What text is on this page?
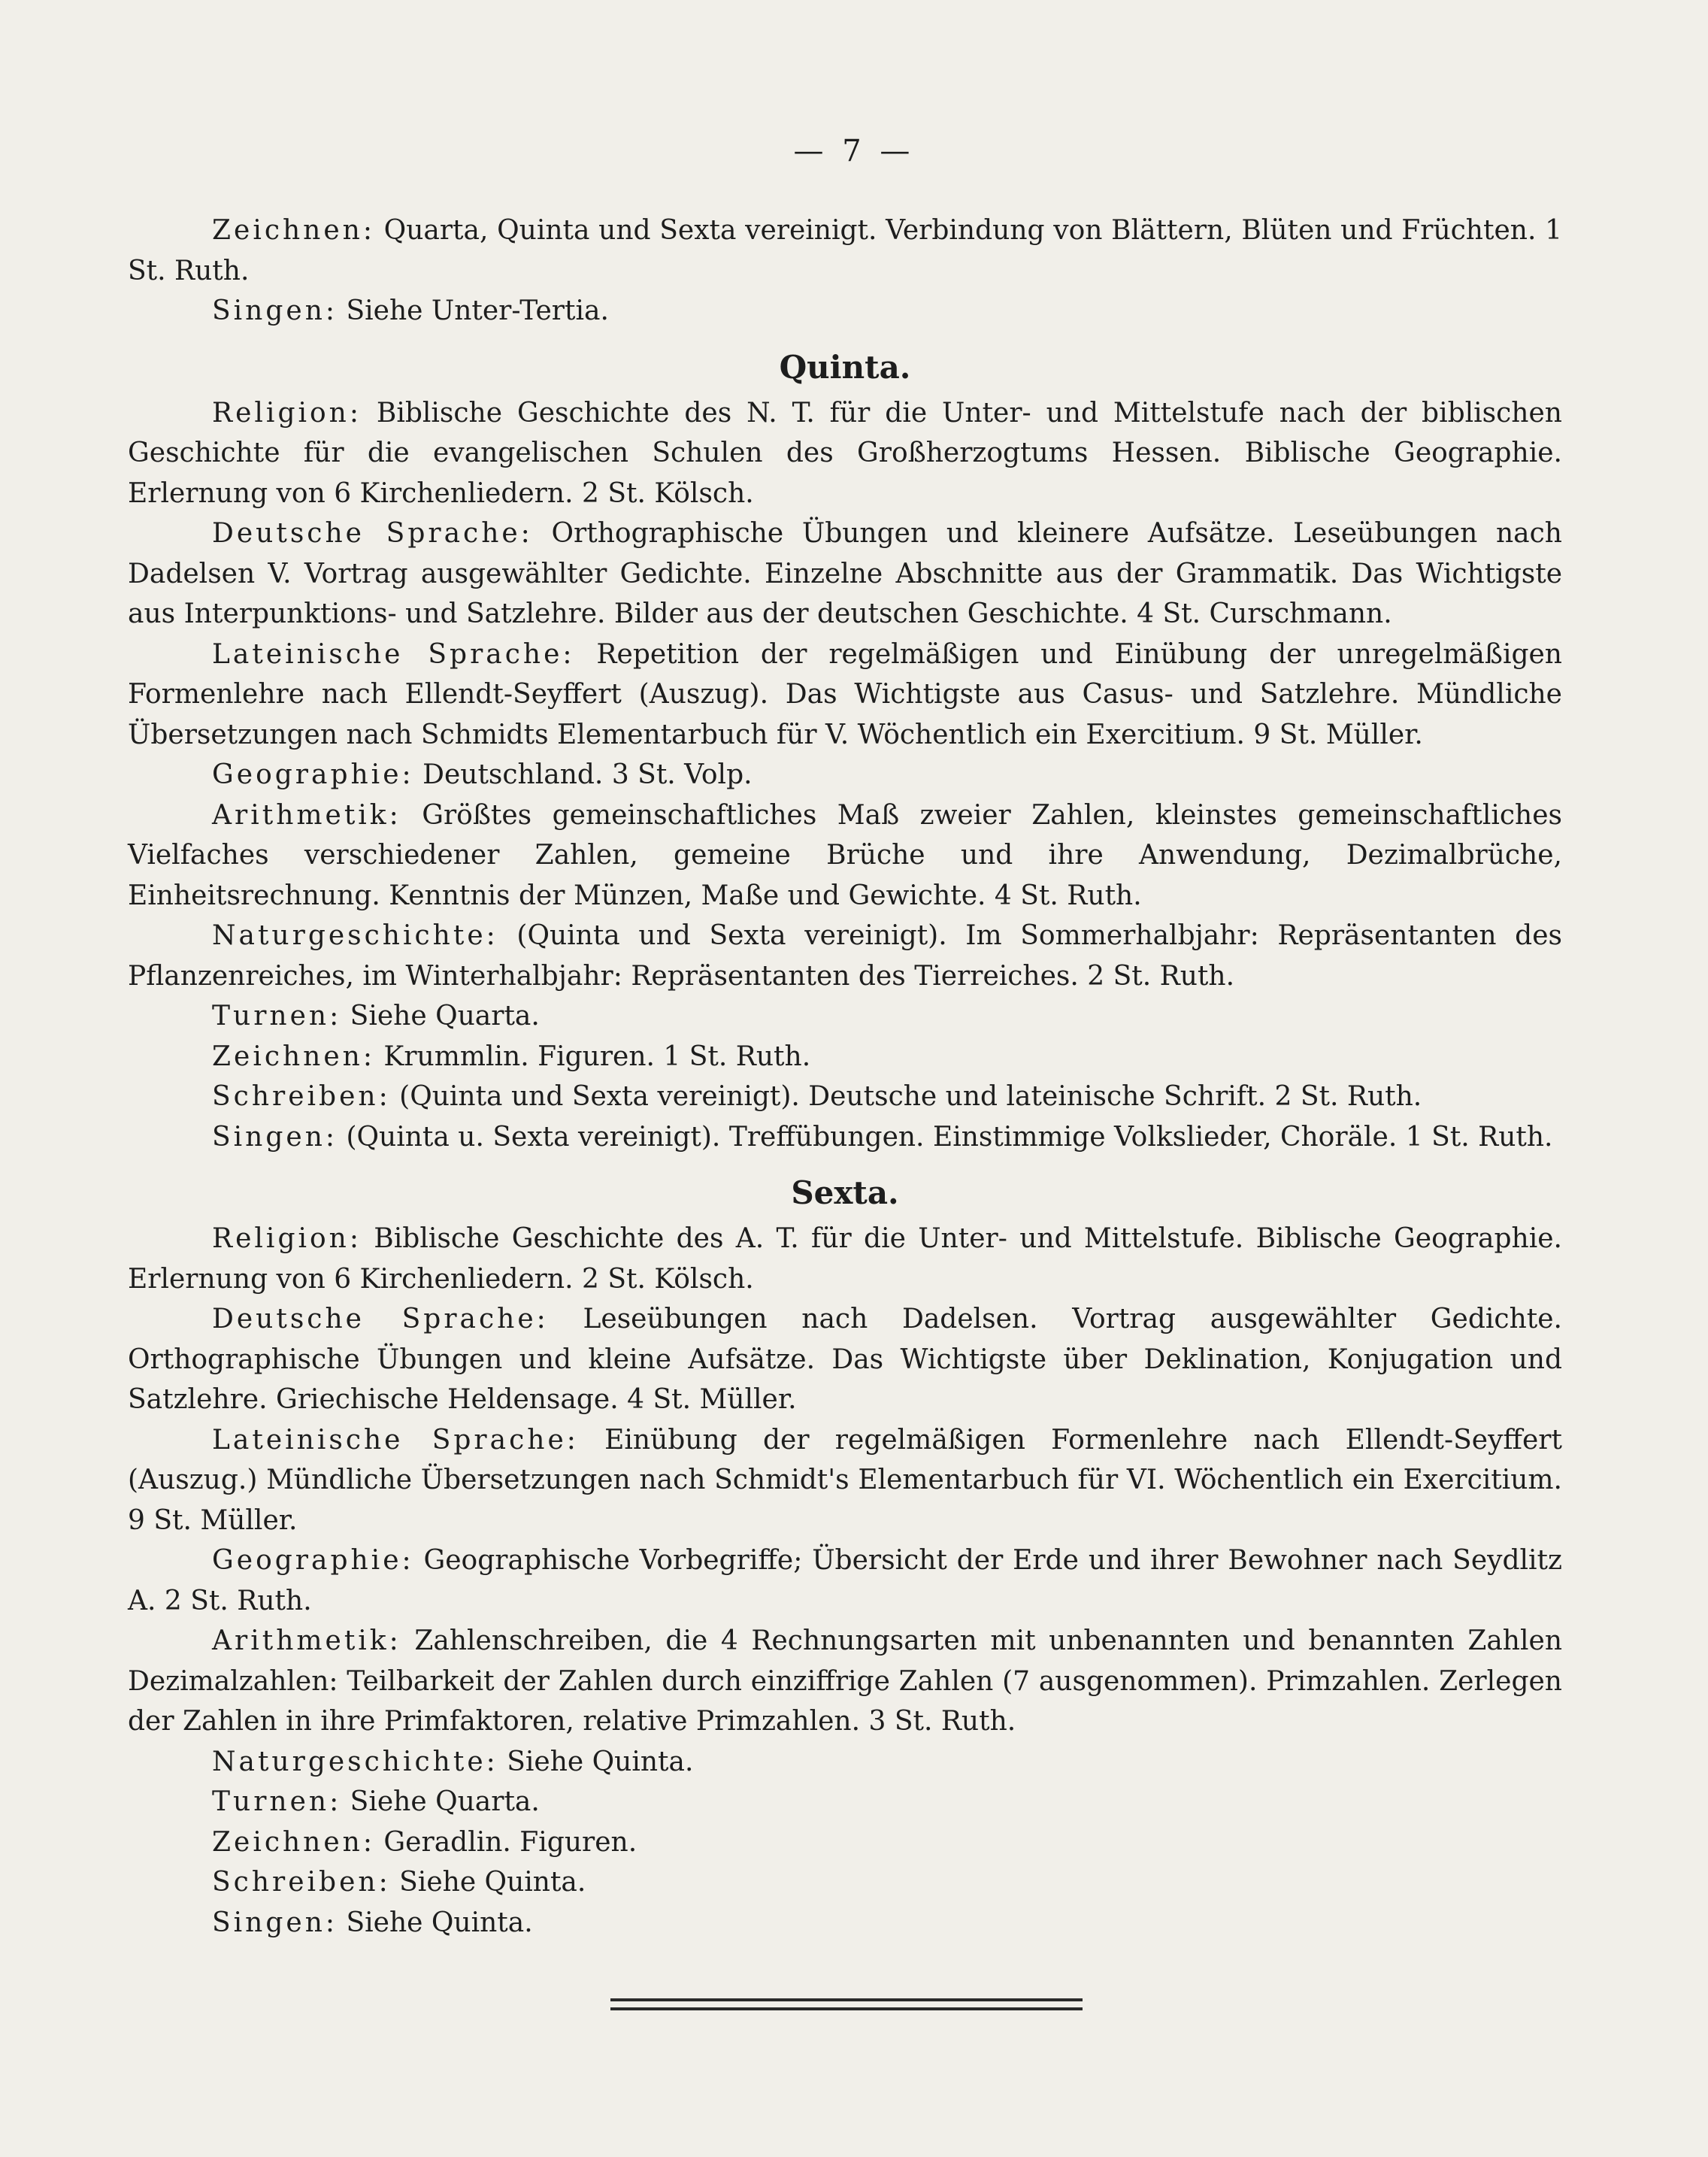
— 7 —

Zeichnen: Quarta, Quinta und Sexta vereinigt. Verbindung von Blättern, Blüten und Früchten. 1 St. Ruth.

Singen: Siehe Unter-Tertia.

Quinta.

Religion: Biblische Geschichte des N. T. für die Unter- und Mittelstufe nach der biblischen Geschichte für die evangelischen Schulen des Großherzogtums Hessen. Biblische Geographie. Erlernung von 6 Kirchenliedern. 2 St. Kölsch.

Deutsche Sprache: Orthographische Übungen und kleinere Aufsätze. Leseübungen nach Dadelsen V. Vortrag ausgewählter Gedichte. Einzelne Abschnitte aus der Grammatik. Das Wichtigste aus Interpunktions- und Satzlehre. Bilder aus der deutschen Geschichte. 4 St. Curschmann.

Lateinische Sprache: Repetition der regelmäßigen und Einübung der unregelmäßigen Formenlehre nach Ellendt-Seyffert (Auszug). Das Wichtigste aus Casus- und Satzlehre. Mündliche Übersetzungen nach Schmidts Elementarbuch für V. Wöchentlich ein Exercitium. 9 St. Müller.

Geographie: Deutschland. 3 St. Volp.

Arithmetik: Größtes gemeinschaftliches Maß zweier Zahlen, kleinstes gemeinschaftliches Vielfaches verschiedener Zahlen, gemeine Brüche und ihre Anwendung, Dezimalbrüche, Einheitsrechnung. Kenntnis der Münzen, Maße und Gewichte. 4 St. Ruth.

Naturgeschichte: (Quinta und Sexta vereinigt). Im Sommerhalbjahr: Repräsentanten des Pflanzenreiches, im Winterhalbjahr: Repräsentanten des Tierreiches. 2 St. Ruth.

Turnen: Siehe Quarta.

Zeichnen: Krummlin. Figuren. 1 St. Ruth.

Schreiben: (Quinta und Sexta vereinigt). Deutsche und lateinische Schrift. 2 St. Ruth.

Singen: (Quinta u. Sexta vereinigt). Treffübungen. Einstimmige Volkslieder, Choräle. 1 St. Ruth.

Sexta.

Religion: Biblische Geschichte des A. T. für die Unter- und Mittelstufe. Biblische Geographie. Erlernung von 6 Kirchenliedern. 2 St. Kölsch.

Deutsche Sprache: Leseübungen nach Dadelsen. Vortrag ausgewählter Gedichte. Orthographische Übungen und kleine Aufsätze. Das Wichtigste über Deklination, Konjugation und Satzlehre. Griechische Heldensage. 4 St. Müller.

Lateinische Sprache: Einübung der regelmäßigen Formenlehre nach Ellendt-Seyffert (Auszug.) Mündliche Übersetzungen nach Schmidt's Elementarbuch für VI. Wöchentlich ein Exercitium. 9 St. Müller.

Geographie: Geographische Vorbegriffe; Übersicht der Erde und ihrer Bewohner nach Seydlitz A. 2 St. Ruth.

Arithmetik: Zahlenschreiben, die 4 Rechnungsarten mit unbenannten und benannten Zahlen Dezimalzahlen: Teilbarkeit der Zahlen durch einziffrige Zahlen (7 ausgenommen). Primzahlen. Zerlegen der Zahlen in ihre Primfaktoren, relative Primzahlen. 3 St. Ruth.

Naturgeschichte: Siehe Quinta.

Turnen: Siehe Quarta.

Zeichnen: Geradlin. Figuren.

Schreiben: Siehe Quinta.

Singen: Siehe Quinta.
